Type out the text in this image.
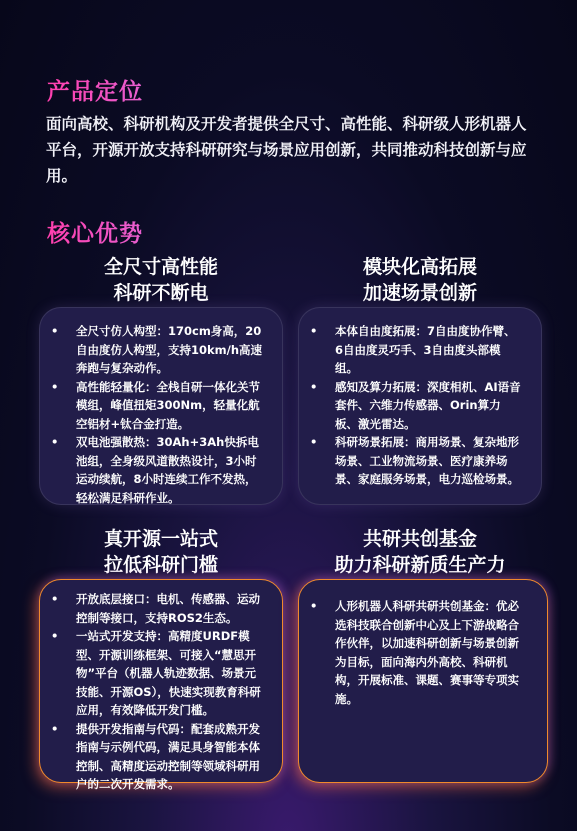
产品定位
面向高校、科研机构及开发者提供全尺寸、高性能、科研级人形机器人平台，开源开放支持科研研究与场景应用创新，共同推动科技创新与应用。
核心优势
全尺寸高性能
科研不断电
• 全尺寸仿人构型：170cm身高，20自由度仿人构型，支持10km/h高速奔跑与复杂动作。
• 高性能轻量化：全栈自研一体化关节模组，峰值扭矩300Nm，轻量化航空铝材+钛合金打造。
• 双电池强散热：30Ah+3Ah快拆电池组，全身级风道散热设计，3小时运动续航，8小时连续工作不发热，轻松满足科研作业。
模块化高拓展
加速场景创新
• 本体自由度拓展：7自由度协作臂、6自由度灵巧手、3自由度头部模组。
• 感知及算力拓展：深度相机、AI语音套件、六维力传感器、Orin算力板、激光雷达。
• 科研场景拓展：商用场景、复杂地形场景、工业物流场景、医疗康养场景、家庭服务场景，电力巡检场景。
真开源一站式
拉低科研门槛
• 开放底层接口：电机、传感器、运动控制等接口，支持ROS2生态。
• 一站式开发支持：高精度URDF模型、开源训练框架、可接入“慧思开物”平台（机器人轨迹数据、场景元技能、开源OS），快速实现教育科研应用，有效降低开发门槛。
• 提供开发指南与代码：配套成熟开发指南与示例代码，满足具身智能本体控制、高精度运动控制等领域科研用户的二次开发需求。
共研共创基金
助力科研新质生产力
• 人形机器人科研共研共创基金：优必选科技联合创新中心及上下游战略合作伙伴，以加速科研创新与场景创新为目标，面向海内外高校、科研机构，开展标准、课题、赛事等专项实施。
